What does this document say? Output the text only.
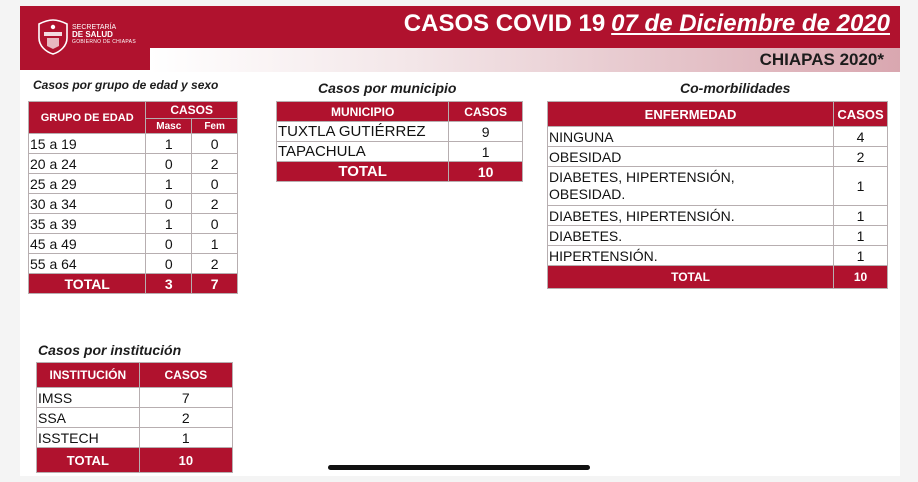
SECRETARÍA
DE SALUD
GOBIERNO DE CHIAPAS
CASOS COVID 19 07 de Diciembre de 2020
CHIAPAS 2020*
Casos por grupo de edad y sexo	Casos por municipio	Co-morbilidades
Casos por institución
GRUPO DE EDAD	CASOS	
	Masc	Fem
15 a 19	1	0
20 a 24	0	2
25 a 29	1	0
30 a 34	0	2
35 a 39	1	0
45 a 49	0	1
55 a 64	0	2
TOTAL	3	7
MUNICIPIO	CASOS
TUXTLA GUTIÉRREZ	9
TAPACHULA	1
TOTAL	10
ENFERMEDAD	CASOS
NINGUNA	4
OBESIDAD	2
DIABETES, HIPERTENSIÓN, OBESIDAD.	1
DIABETES, HIPERTENSIÓN.	1
DIABETES.	1
HIPERTENSIÓN.	1
TOTAL	10
INSTITUCIÓN	CASOS
IMSS	7
SSA	2
ISSTECH	1
TOTAL	10
